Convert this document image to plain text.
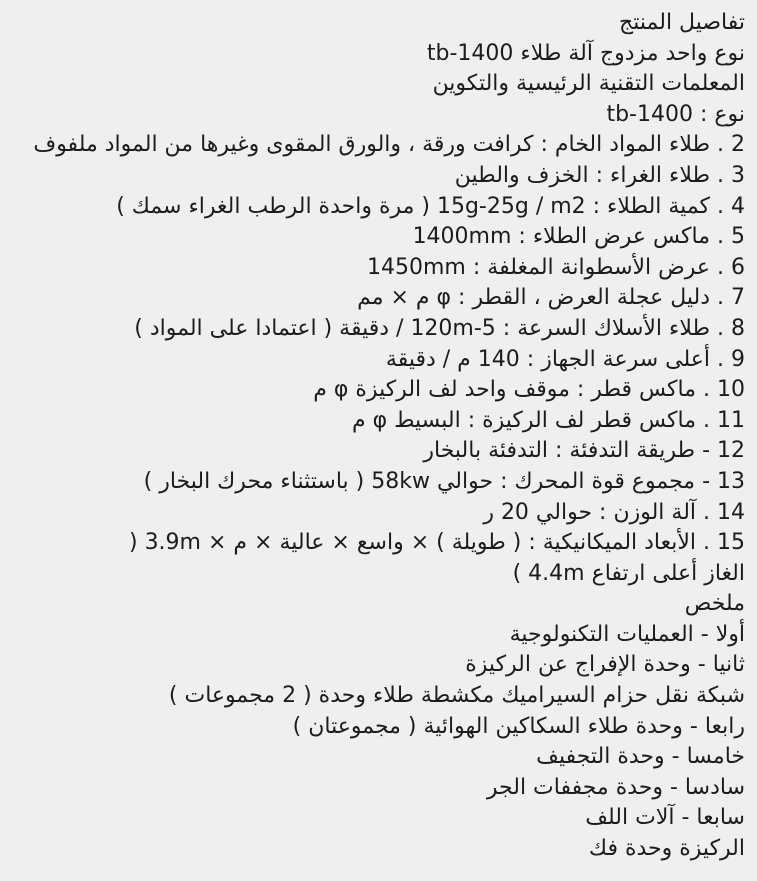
تفاصيل المنتج
tb-1400 نوع واحد مزدوج آلة طلاء
المعلمات التقنية الرئيسية والتكوين
نوع : tb-1400
2 . طلاء المواد الخام : كرافت ورقة ، والورق المقوى وغيرها من المواد ملفوف
3 . طلاء الغراء : الخزف والطين
4 . كمية الطلاء : 15g-25g / m2 ( مرة واحدة الرطب الغراء سمك )
5 . ماكس عرض الطلاء : 1400mm
6 . عرض الأسطوانة المغلفة : 1450mm
7 . دليل عجلة العرض ، القطر : φ م × مم
8 . طلاء الأسلاك السرعة : 120m-5 / دقيقة ( اعتمادا على المواد )
9 . أعلى سرعة الجهاز : 140 م / دقيقة
10 . ماكس قطر : موقف واحد لف الركيزة φ م
11 . ماكس قطر لف الركيزة : البسيط φ م
12 - طريقة التدفئة : التدفئة بالبخار
13 - مجموع قوة المحرك : حوالي 58kw ( باستثناء محرك البخار )
14 . آلة الوزن : حوالي 20 ر
15 . الأبعاد الميكانيكية : ( طويلة ) × واسع × عالية × م × 3.9m (
الغاز أعلى ارتفاع 4.4m )
ملخص
أولا - العمليات التكنولوجية
ثانيا - وحدة الإفراج عن الركيزة
شبكة نقل حزام السيراميك مكشطة طلاء وحدة ( 2 مجموعات )
رابعا - وحدة طلاء السكاكين الهوائية ( مجموعتان )
خامسا - وحدة التجفيف
سادسا - وحدة مجففات الجر
سابعا - آلات اللف
الركيزة وحدة فك
